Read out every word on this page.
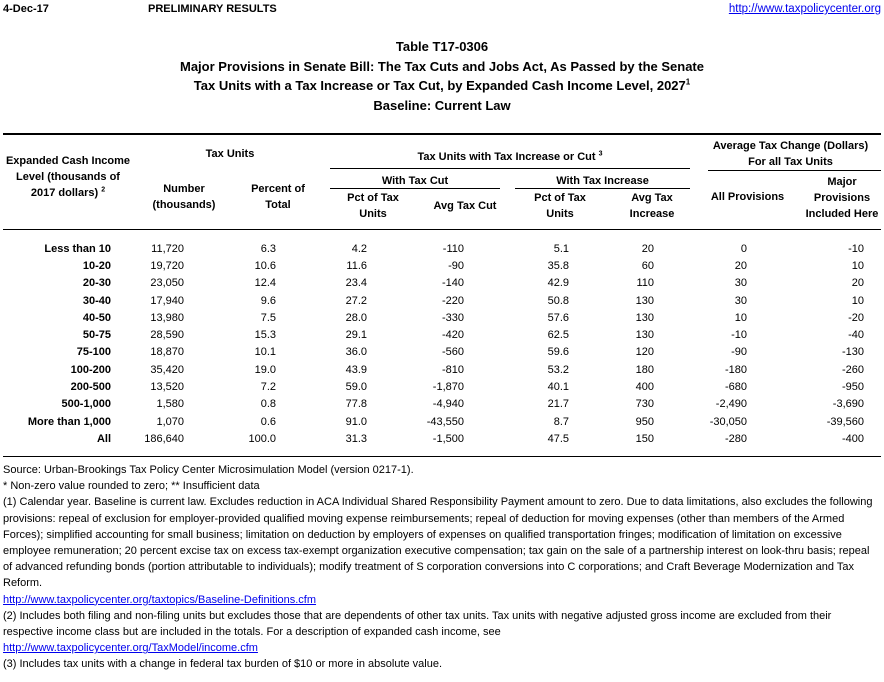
4-Dec-17	PRELIMINARY RESULTS	http://www.taxpolicycenter.org
Table T17-0306
Major Provisions in Senate Bill: The Tax Cuts and Jobs Act, As Passed by the Senate
Tax Units with a Tax Increase or Tax Cut, by Expanded Cash Income Level, 2027$^1$
Baseline: Current Law
Expanded Cash Income
Level (thousands of
2017 dollars) $^2$
Tax Units
Number
(thousands)
Percent of
Total
Tax Units with Tax Increase or Cut $^3$
With Tax Cut	With Tax Increase
Pct of Tax
Units
Avg Tax Cut
Pct of Tax
Units
Avg Tax
Increase
Average Tax Change (Dollars)
For all Tax Units
All Provisions
Major
Provisions
Included Here
Less than 10	11,720	6.3	4.2	-110	5.1	20	0	-10
10-20	19,720	10.6	11.6	-90	35.8	60	20	10
20-30	23,050	12.4	23.4	-140	42.9	110	30	20
30-40	17,940	9.6	27.2	-220	50.8	130	30	10
40-50	13,980	7.5	28.0	-330	57.6	130	10	-20
50-75	28,590	15.3	29.1	-420	62.5	130	-10	-40
75-100	18,870	10.1	36.0	-560	59.6	120	-90	-130
100-200	35,420	19.0	43.9	-810	53.2	180	-180	-260
200-500	13,520	7.2	59.0	-1,870	40.1	400	-680	-950
500-1,000	1,580	0.8	77.8	-4,940	21.7	730	-2,490	-3,690
More than 1,000	1,070	0.6	91.0	-43,550	8.7	950	-30,050	-39,560
All	186,640	100.0	31.3	-1,500	47.5	150	-280	-400

Source: Urban-Brookings Tax Policy Center Microsimulation Model (version 0217-1).

* Non-zero value rounded to zero; ** Insufficient data

(1) Calendar year. Baseline is current law. Excludes reduction in ACA Individual Shared Responsibility Payment amount to zero. Due to data limitations, also excludes the following provisions: repeal of exclusion for employer-provided qualified moving expense reimbursements; repeal of deduction for moving expenses (other than members of the Armed Forces); simplified accounting for small business; limitation on deduction by employers of expenses on qualified transportation fringes; modification of limitation on excessive employee remuneration; 20 percent excise tax on excess tax-exempt organization executive compensation; tax gain on the sale of a partnership interest on look-thru basis; repeal of advanced refunding bonds (portion attributable to individuals); modify treatment of S corporation conversions into C corporations; and Craft Beverage Modernization and Tax Reform.

http://www.taxpolicycenter.org/taxtopics/Baseline-Definitions.cfm

(2) Includes both filing and non-filing units but excludes those that are dependents of other tax units. Tax units with negative adjusted gross income are excluded from their respective income class but are included in the totals. For a description of expanded cash income, see

http://www.taxpolicycenter.org/TaxModel/income.cfm

(3) Includes tax units with a change in federal tax burden of $10 or more in absolute value.
